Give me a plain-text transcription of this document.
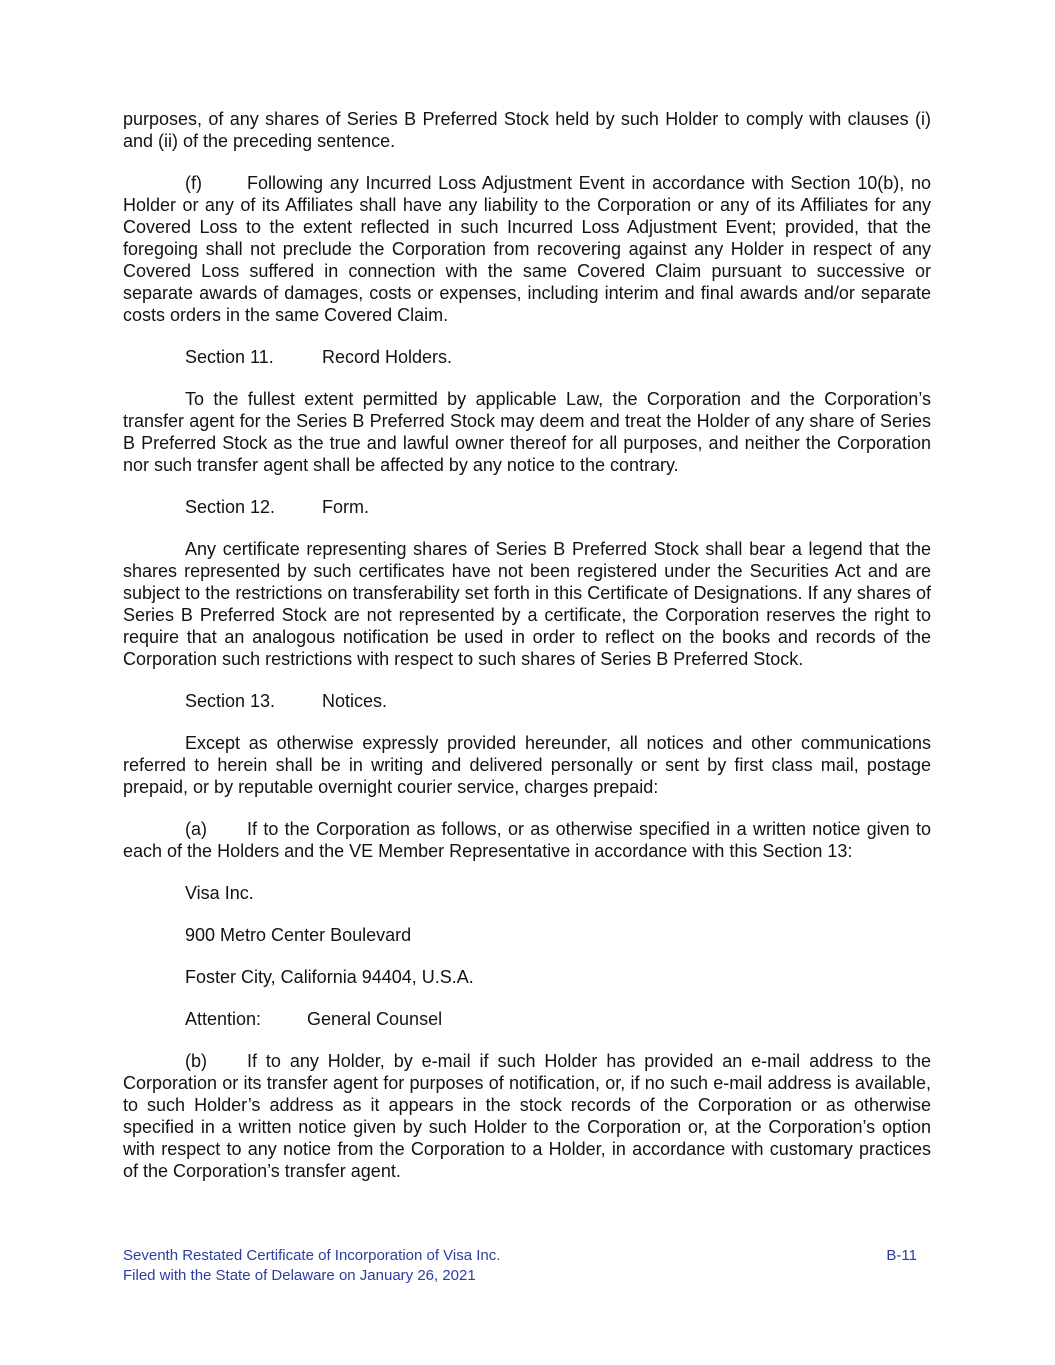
purposes, of any shares of Series B Preferred Stock held by such Holder to comply with clauses (i) and (ii) of the preceding sentence.

(f)	Following any Incurred Loss Adjustment Event in accordance with Section 10(b), no Holder or any of its Affiliates shall have any liability to the Corporation or any of its Affiliates for any Covered Loss to the extent reflected in such Incurred Loss Adjustment Event; provided, that the foregoing shall not preclude the Corporation from recovering against any Holder in respect of any Covered Loss suffered in connection with the same Covered Claim pursuant to successive or separate awards of damages, costs or expenses, including interim and final awards and/or separate costs orders in the same Covered Claim.

Section 11.	Record Holders.

To the fullest extent permitted by applicable Law, the Corporation and the Corporation’s transfer agent for the Series B Preferred Stock may deem and treat the Holder of any share of Series B Preferred Stock as the true and lawful owner thereof for all purposes, and neither the Corporation nor such transfer agent shall be affected by any notice to the contrary.

Section 12.	Form.

Any certificate representing shares of Series B Preferred Stock shall bear a legend that the shares represented by such certificates have not been registered under the Securities Act and are subject to the restrictions on transferability set forth in this Certificate of Designations. If any shares of Series B Preferred Stock are not represented by a certificate, the Corporation reserves the right to require that an analogous notification be used in order to reflect on the books and records of the Corporation such restrictions with respect to such shares of Series B Preferred Stock.

Section 13.	Notices.

Except as otherwise expressly provided hereunder, all notices and other communications referred to herein shall be in writing and delivered personally or sent by first class mail, postage prepaid, or by reputable overnight courier service, charges prepaid:

(a) If to the Corporation as follows, or as otherwise specified in a written notice given to each of the Holders and the VE Member Representative in accordance with this Section 13:

Visa Inc.

900 Metro Center Boulevard

Foster City, California 94404, U.S.A.

Attention:	General Counsel

(b) If to any Holder, by e-mail if such Holder has provided an e-mail address to the Corporation or its transfer agent for purposes of notification, or, if no such e-mail address is available, to such Holder’s address as it appears in the stock records of the Corporation or as otherwise specified in a written notice given by such Holder to the Corporation or, at the Corporation’s option with respect to any notice from the Corporation to a Holder, in accordance with customary practices of the Corporation’s transfer agent.

Seventh Restated Certificate of Incorporation of Visa Inc.
Filed with the State of Delaware on January 26, 2021
B-11
